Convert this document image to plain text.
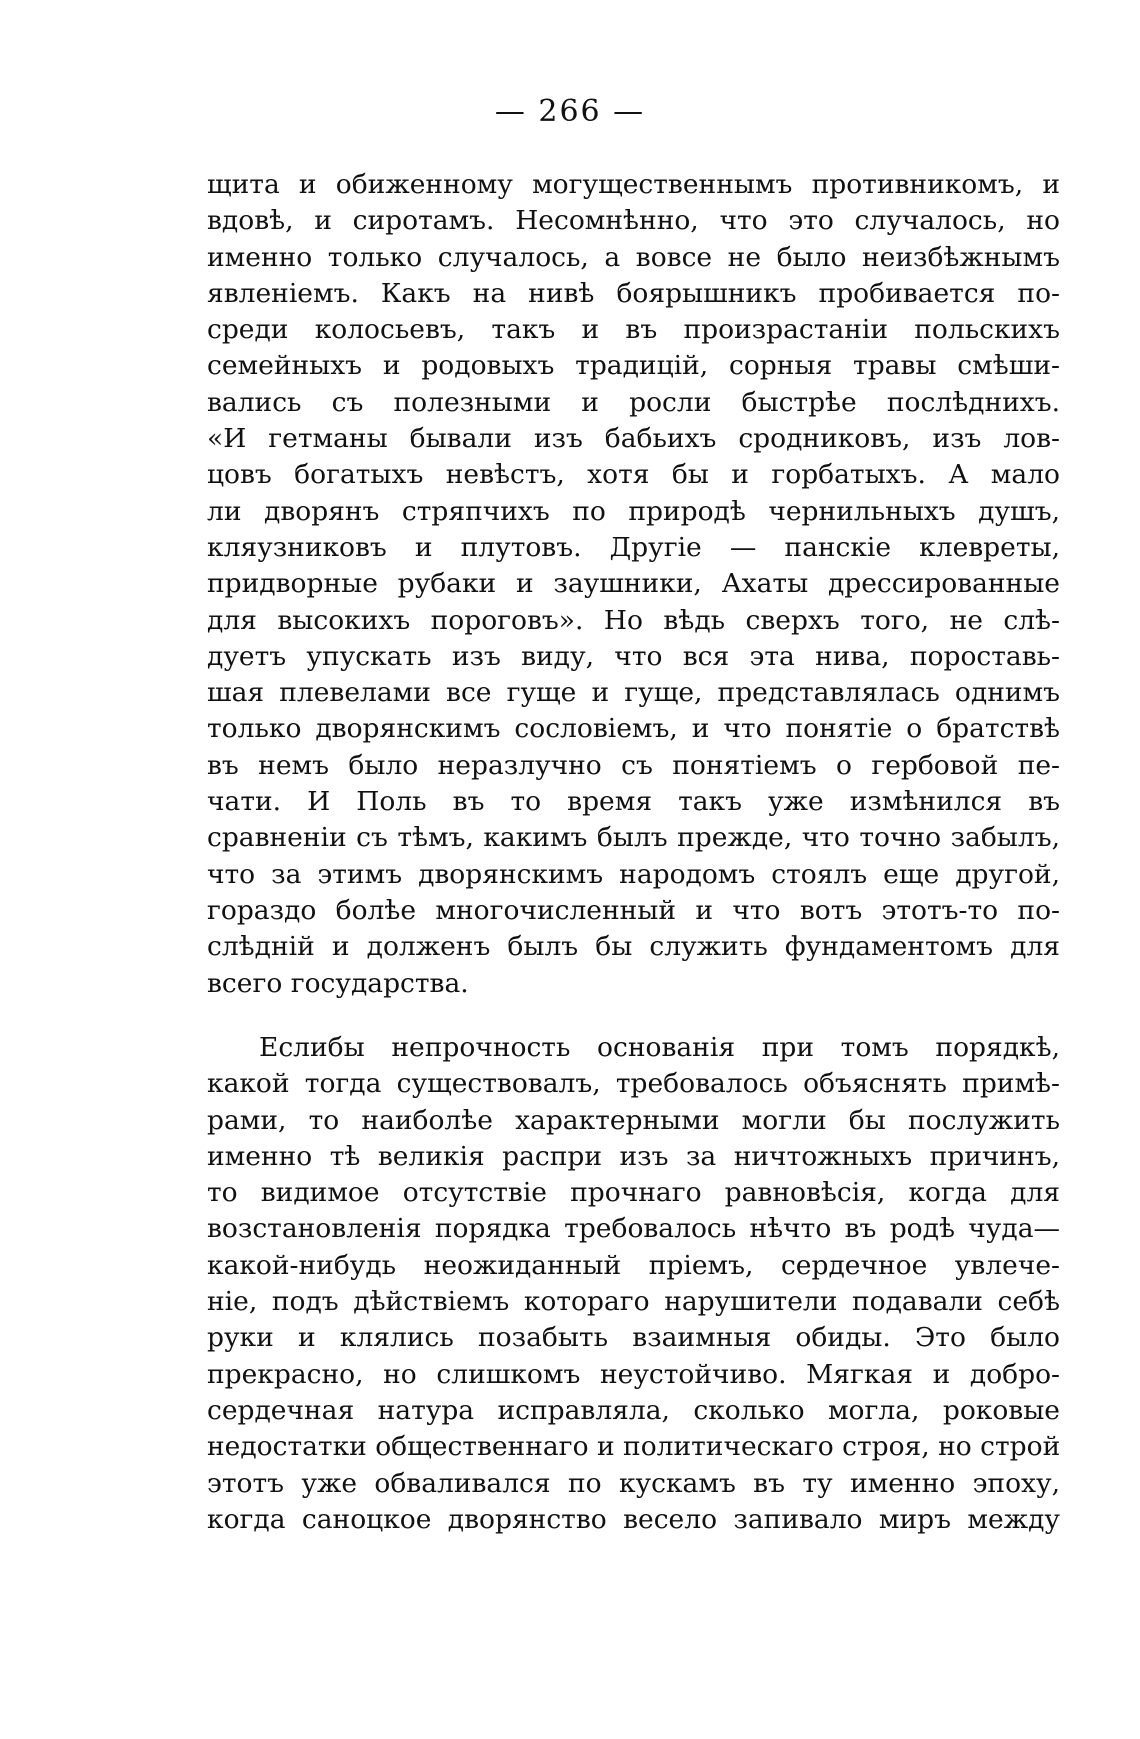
— 266 —
щита и обиженному могущественнымъ противникомъ, и
вдовѣ, и сиротамъ. Несомнѣнно, что это случалось, но
именно только случалось, а вовсе не было неизбѣжнымъ
явленіемъ. Какъ на нивѣ боярышникъ пробивается по-
среди колосьевъ, такъ и въ произрастаніи польскихъ
семейныхъ и родовыхъ традицій, сорныя травы смѣши-
вались съ полезными и росли быстрѣе послѣднихъ.
«И гетманы бывали изъ бабьихъ сродниковъ, изъ лов-
цовъ богатыхъ невѣстъ, хотя бы и горбатыхъ. А мало
ли дворянъ стряпчихъ по природѣ чернильныхъ душъ,
кляузниковъ и плутовъ. Другіе — панскіе клевреты,
придворные рубаки и заушники, Ахаты дрессированные
для высокихъ пороговъ». Но вѣдь сверхъ того, не слѣ-
дуетъ упускать изъ виду, что вся эта нива, пороставь-
шая плевелами все гуще и гуще, представлялась однимъ
только дворянскимъ сословіемъ, и что понятіе о братствѣ
въ немъ было неразлучно съ понятіемъ о гербовой пе-
чати. И Поль въ то время такъ уже измѣнился въ
сравненіи съ тѣмъ, какимъ былъ прежде, что точно забылъ,
что за этимъ дворянскимъ народомъ стоялъ еще другой,
гораздо болѣе многочисленный и что вотъ этотъ-то по-
слѣдній и долженъ былъ бы служить фундаментомъ для
всего государства.
Еслибы непрочность основанія при томъ порядкѣ,
какой тогда существовалъ, требовалось объяснять примѣ-
рами, то наиболѣе характерными могли бы послужить
именно тѣ великія распри изъ за ничтожныхъ причинъ,
то видимое отсутствіе прочнаго равновѣсія, когда для
возстановленія порядка требовалось нѣчто въ родѣ чуда—
какой-нибудь неожиданный пріемъ, сердечное увлече-
ніе, подъ дѣйствіемъ котораго нарушители подавали себѣ
руки и клялись позабыть взаимныя обиды. Это было
прекрасно, но слишкомъ неустойчиво. Мягкая и добро-
сердечная натура исправляла, сколько могла, роковые
недостатки общественнаго и политическаго строя, но строй
этотъ уже обваливался по кускамъ въ ту именно эпоху,
когда саноцкое дворянство весело запивало миръ между
